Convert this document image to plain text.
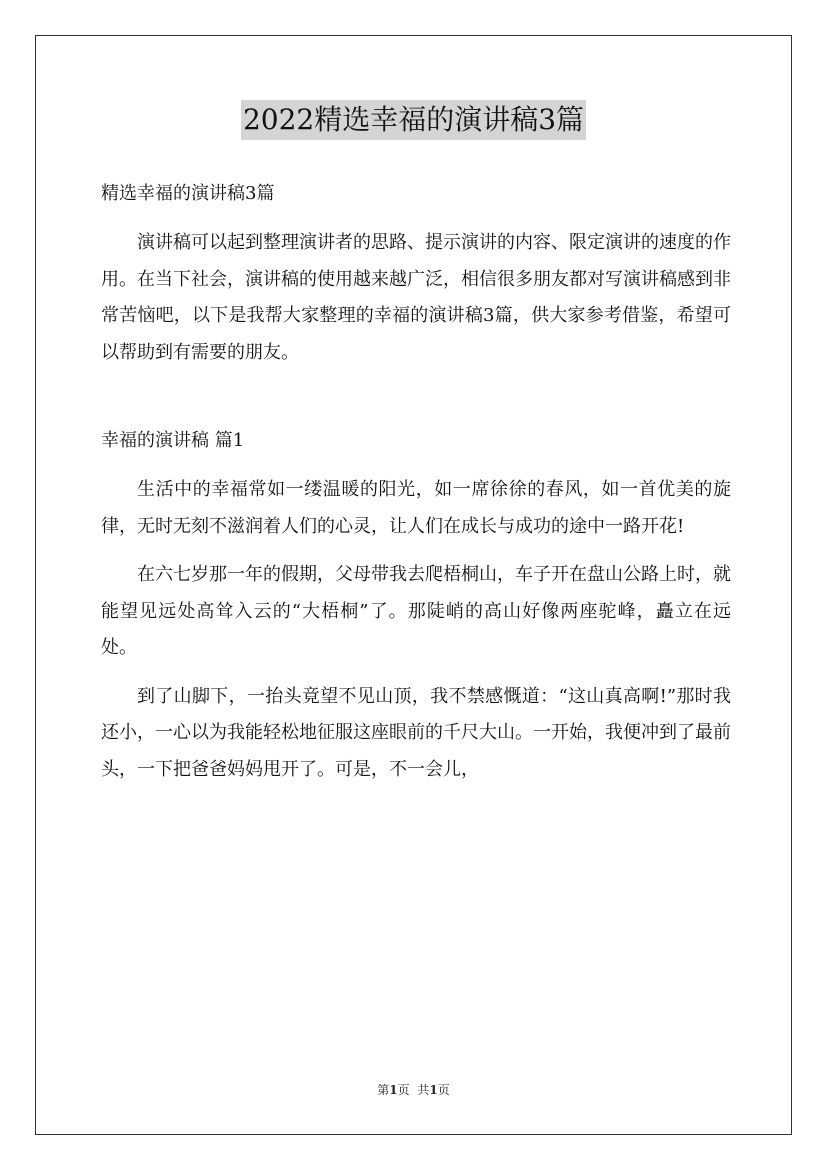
2022精选幸福的演讲稿3篇

精选幸福的演讲稿3篇

演讲稿可以起到整理演讲者的思路、提示演讲的内容、限定演讲的速度的作用。在当下社会，演讲稿的使用越来越广泛，相信很多朋友都对写演讲稿感到非常苦恼吧，以下是我帮大家整理的幸福的演讲稿3篇，供大家参考借鉴，希望可以帮助到有需要的朋友。

幸福的演讲稿 篇1

生活中的幸福常如一缕温暖的阳光，如一席徐徐的春风，如一首优美的旋律，无时无刻不滋润着人们的心灵，让人们在成长与成功的途中一路开花!

在六七岁那一年的假期，父母带我去爬梧桐山，车子开在盘山公路上时，就能望见远处高耸入云的“大梧桐”了。那陡峭的高山好像两座驼峰，矗立在远处。

到了山脚下，一抬头竟望不见山顶，我不禁感慨道：“这山真高啊!”那时我还小，一心以为我能轻松地征服这座眼前的千尺大山。一开始，我便冲到了最前头，一下把爸爸妈妈甩开了。可是，不一会儿，

第1页 共1页
